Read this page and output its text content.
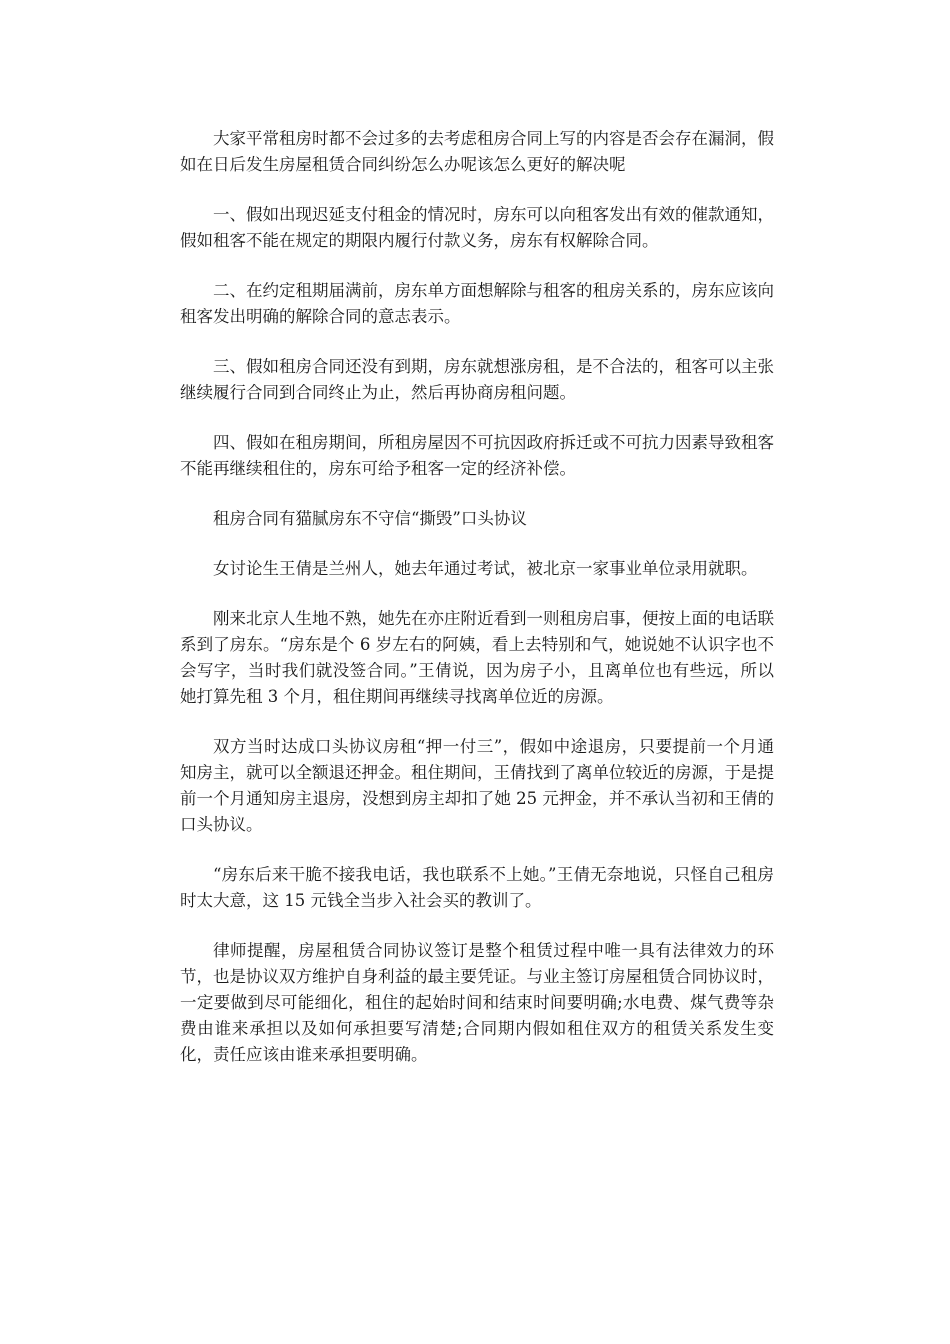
大家平常租房时都不会过多的去考虑租房合同上写的内容是否会存在漏洞，假如在日后发生房屋租赁合同纠纷怎么办呢该怎么更好的解决呢

一、假如出现迟延支付租金的情况时，房东可以向租客发出有效的催款通知，假如租客不能在规定的期限内履行付款义务，房东有权解除合同。

二、在约定租期届满前，房东单方面想解除与租客的租房关系的，房东应该向租客发出明确的解除合同的意志表示。

三、假如租房合同还没有到期，房东就想涨房租，是不合法的，租客可以主张继续履行合同到合同终止为止，然后再协商房租问题。

四、假如在租房期间，所租房屋因不可抗因政府拆迁或不可抗力因素导致租客不能再继续租住的，房东可给予租客一定的经济补偿。

租房合同有猫腻房东不守信“撕毁”口头协议

女讨论生王倩是兰州人，她去年通过考试，被北京一家事业单位录用就职。

刚来北京人生地不熟，她先在亦庄附近看到一则租房启事，便按上面的电话联系到了房东。“房东是个 6 岁左右的阿姨，看上去特别和气，她说她不认识字也不会写字，当时我们就没签合同。”王倩说，因为房子小，且离单位也有些远，所以她打算先租 3 个月，租住期间再继续寻找离单位近的房源。

双方当时达成口头协议房租“押一付三”，假如中途退房，只要提前一个月通知房主，就可以全额退还押金。租住期间，王倩找到了离单位较近的房源，于是提前一个月通知房主退房，没想到房主却扣了她 25 元押金，并不承认当初和王倩的口头协议。

“房东后来干脆不接我电话，我也联系不上她。”王倩无奈地说，只怪自己租房时太大意，这 15 元钱全当步入社会买的教训了。

律师提醒，房屋租赁合同协议签订是整个租赁过程中唯一具有法律效力的环节，也是协议双方维护自身利益的最主要凭证。与业主签订房屋租赁合同协议时，一定要做到尽可能细化，租住的起始时间和结束时间要明确;水电费、煤气费等杂费由谁来承担以及如何承担要写清楚;合同期内假如租住双方的租赁关系发生变化，责任应该由谁来承担要明确。
